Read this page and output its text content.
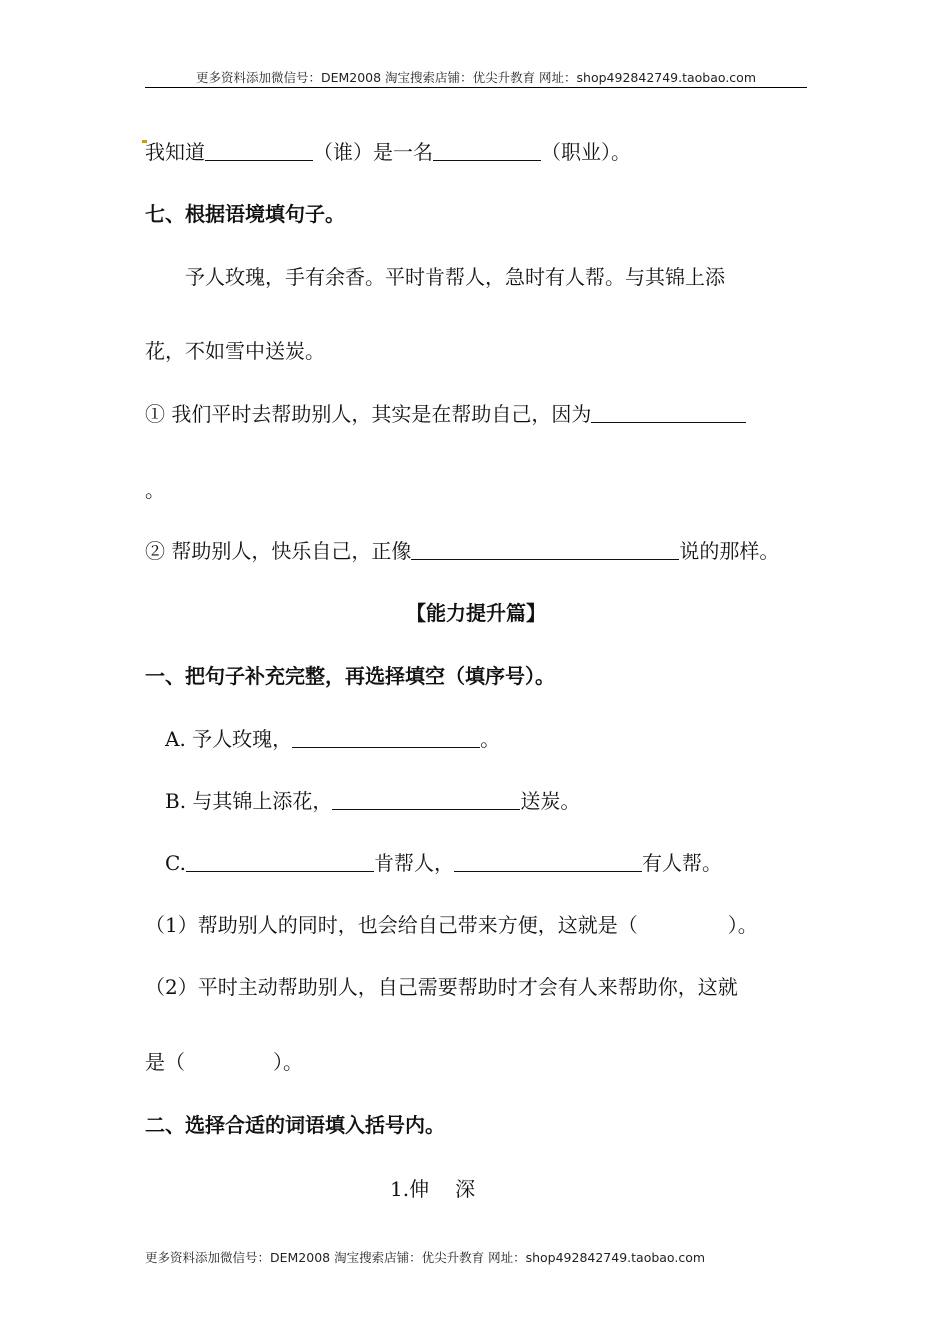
更多资料添加微信号：DEM2008 淘宝搜索店铺：优尖升教育 网址：shop492842749.taobao.com
我知道	（谁）是一名	（职业）。
七、根据语境填句子。
予人玫瑰，手有余香。平时肯帮人，急时有人帮。与其锦上添
花，不如雪中送炭。
① 我们平时去帮助别人，其实是在帮助自己，因为
。
② 帮助别人，快乐自己，正像	说的那样。
【能力提升篇】
一、把句子补充完整，再选择填空（填序号）。
A. 予人玫瑰，	。
B. 与其锦上添花，	送炭。
C.	肯帮人，	有人帮。
（1）帮助别人的同时，也会给自己带来方便，这就是（	）。
（2）平时主动帮助别人，自己需要帮助时才会有人来帮助你，这就
是（	）。
二、选择合适的词语填入括号内。
1.伸 深
更多资料添加微信号：DEM2008 淘宝搜索店铺：优尖升教育 网址：shop492842749.taobao.com
